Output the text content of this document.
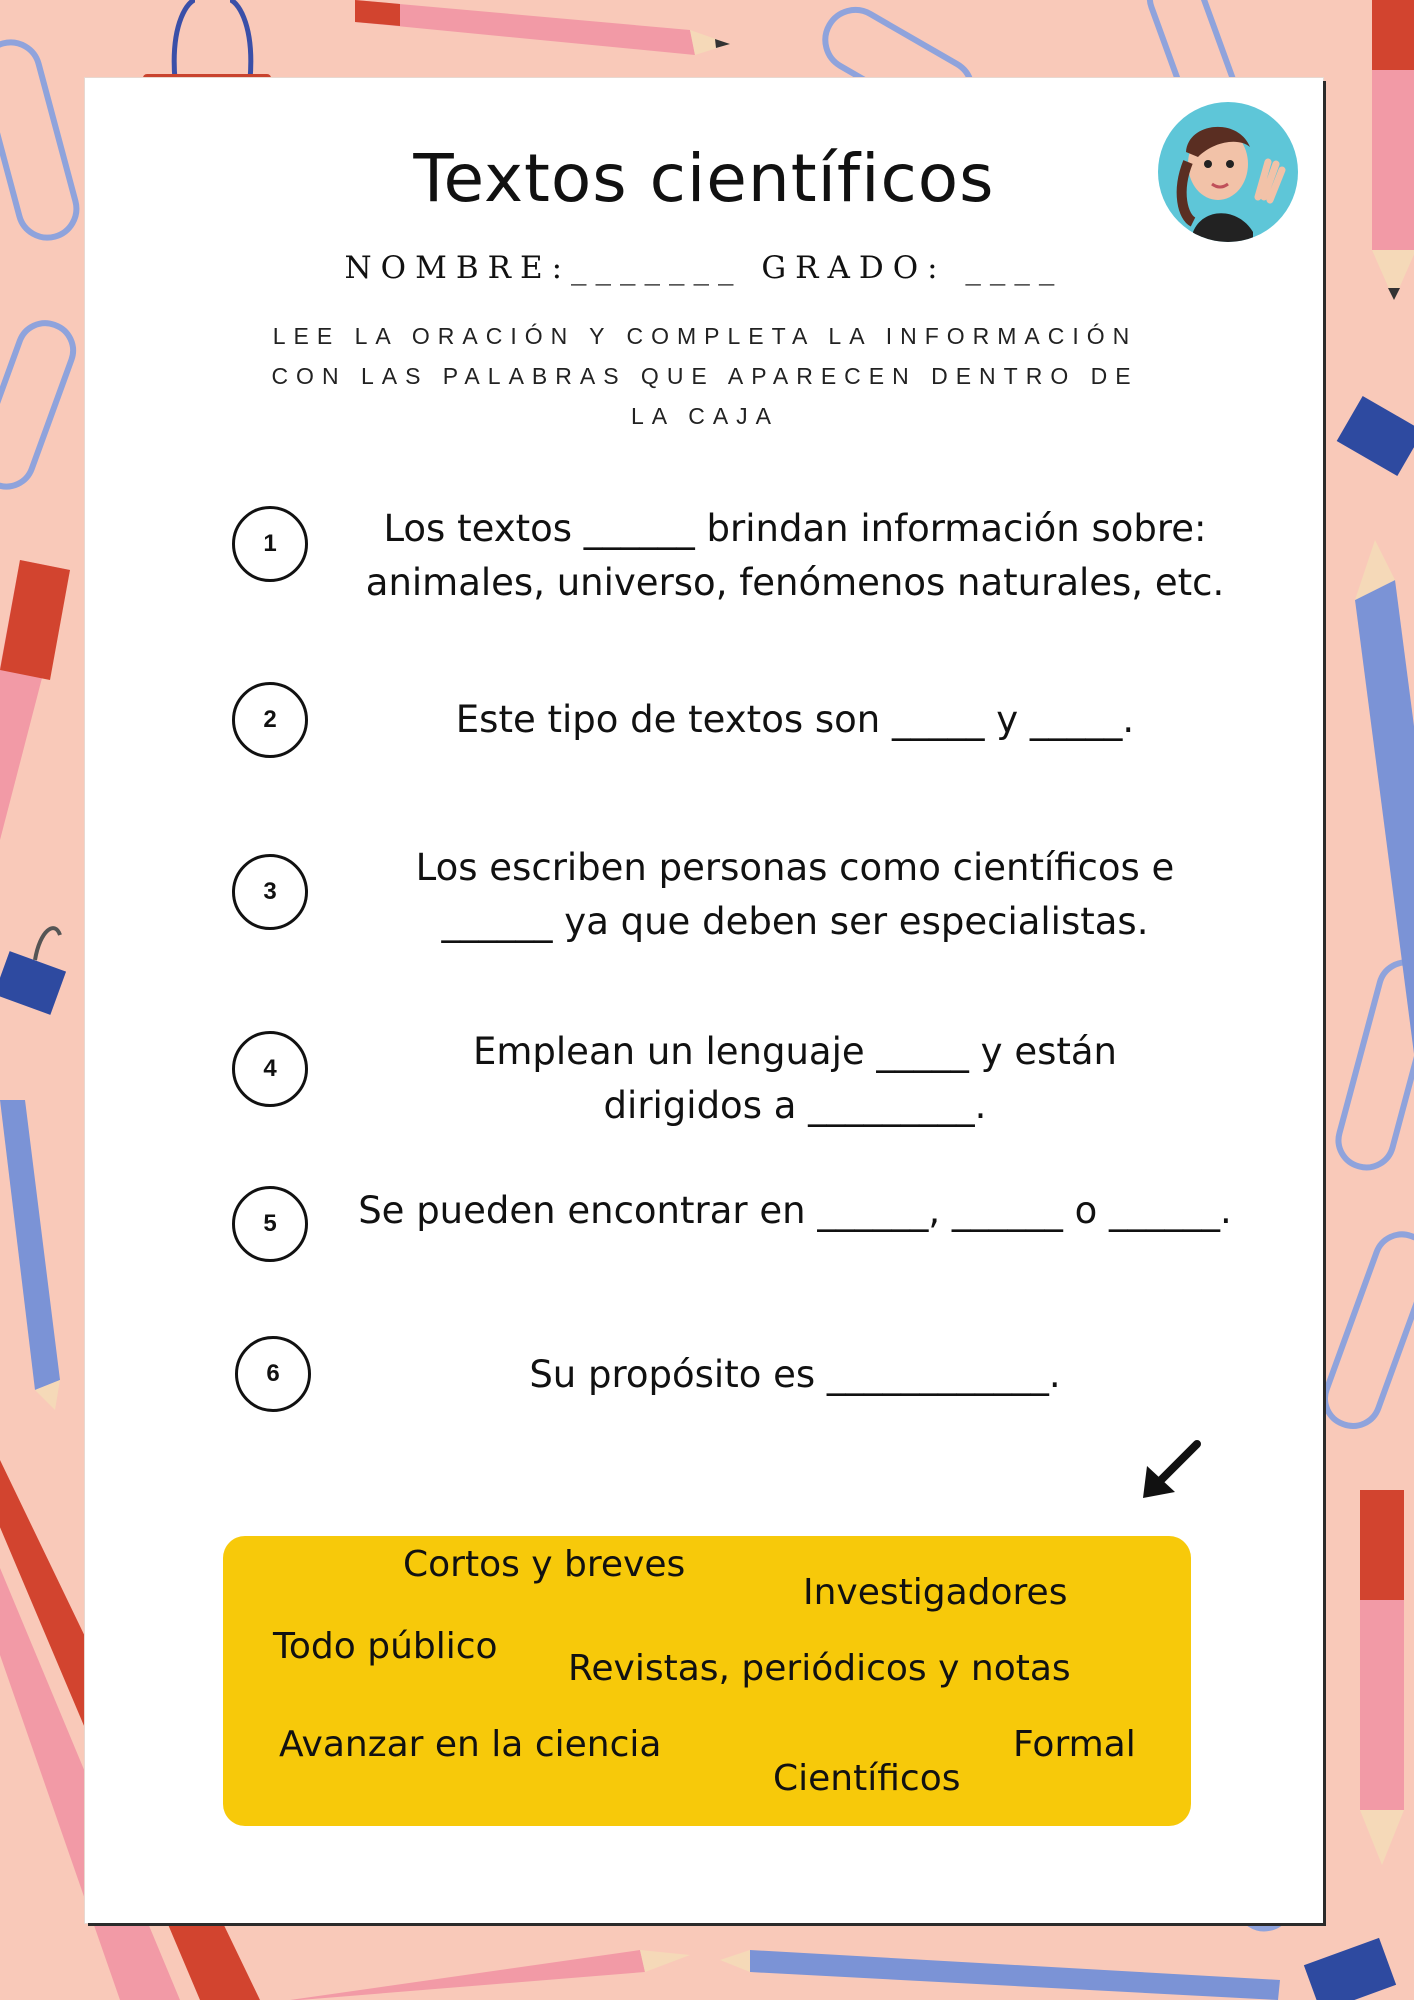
Textos científicos
NOMBRE:_______ GRADO: ____
LEE LA ORACIÓN Y COMPLETA LA INFORMACIÓN CON LAS PALABRAS QUE APARECEN DENTRO DE LA CAJA
1	Los textos ______ brindan información sobre: animales, universo, fenómenos naturales, etc.
2	Este tipo de textos son _____ y _____.
3
Los escriben personas como científicos e ______ ya que deben ser especialistas.
4	Emplean un lenguaje _____ y están dirigidos a _________.
5	Se pueden encontrar en ______, ______ o ______.
6	Su propósito es ____________.
Cortos y breves
Investigadores
Todo público
Revistas, periódicos y notas
Avanzar en la ciencia	Formal
Científicos
